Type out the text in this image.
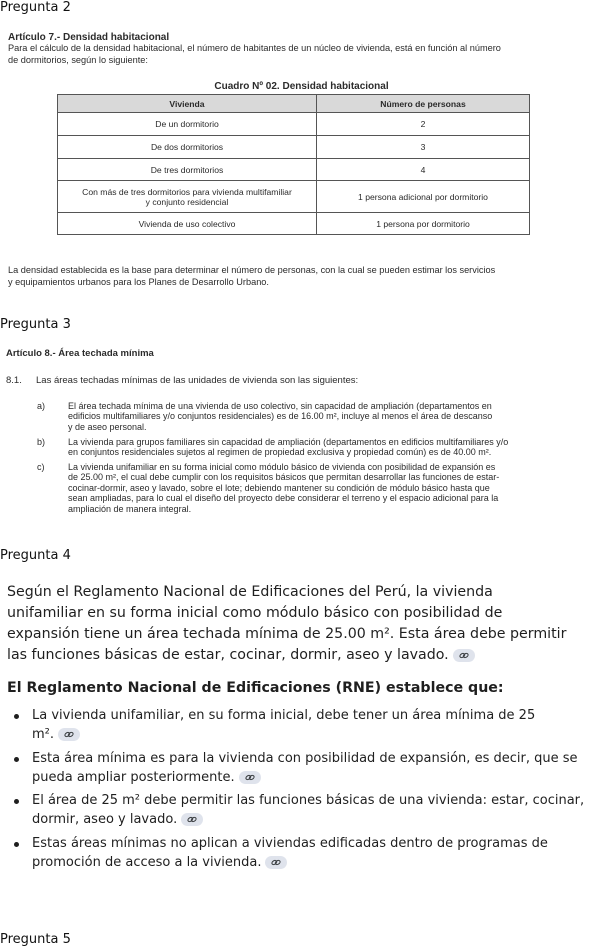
Pregunta 2
Artículo 7.- Densidad habitacional
Para el cálculo de la densidad habitacional, el número de habitantes de un núcleo de vivienda, está en función al número
de dormitorios, según lo siguiente:
Cuadro Nº 02. Densidad habitacional
Vivienda	Número de personas
De un dormitorio	2
De dos dormitorios	3
De tres dormitorios	4

Con más de tres dormitorios para vivienda multifamiliar
y conjunto residencial	1 persona adicional por dormitorio
Vivienda de uso colectivo	1 persona por dormitorio
La densidad establecida es la base para determinar el número de personas, con la cual se pueden estimar los servicios
y equipamientos urbanos para los Planes de Desarrollo Urbano.
Pregunta 3
Artículo 8.- Área techada mínima
8.1. Las áreas techadas mínimas de las unidades de vivienda son las siguientes:
a)	El área techada mínima de una vivienda de uso colectivo, sin capacidad de ampliación (departamentos en
edificios multifamiliares y/o conjuntos residenciales) es de 16.00 m², incluye al menos el área de descanso
y de aseo personal.
b)	La vivienda para grupos familiares sin capacidad de ampliación (departamentos en edificios multifamiliares y/o
en conjuntos residenciales sujetos al regimen de propiedad exclusiva y propiedad común) es de 40.00 m².
c)	La vivienda unifamiliar en su forma inicial como módulo básico de vivienda con posibilidad de expansión es
de 25.00 m², el cual debe cumplir con los requisitos básicos que permitan desarrollar las funciones de estar-
cocinar-dormir, aseo y lavado, sobre el lote; debiendo mantener su condición de módulo básico hasta que
sean ampliadas, para lo cual el diseño del proyecto debe considerar el terreno y el espacio adicional para la
ampliación de manera integral.
Pregunta 4
Según el Reglamento Nacional de Edificaciones del Perú, la vivienda
unifamiliar en su forma inicial como módulo básico con posibilidad de
expansión tiene un área techada mínima de 25.00 m². Esta área debe permitir
las funciones básicas de estar, cocinar, dormir, aseo y lavado.
El Reglamento Nacional de Edificaciones (RNE) establece que:
La vivienda unifamiliar, en su forma inicial, debe tener un área mínima de 25
m².
Esta área mínima es para la vivienda con posibilidad de expansión, es decir, que se
pueda ampliar posteriormente.
El área de 25 m² debe permitir las funciones básicas de una vivienda: estar, cocinar,
dormir, aseo y lavado.
Estas áreas mínimas no aplican a viviendas edificadas dentro de programas de
promoción de acceso a la vivienda.
Pregunta 5
